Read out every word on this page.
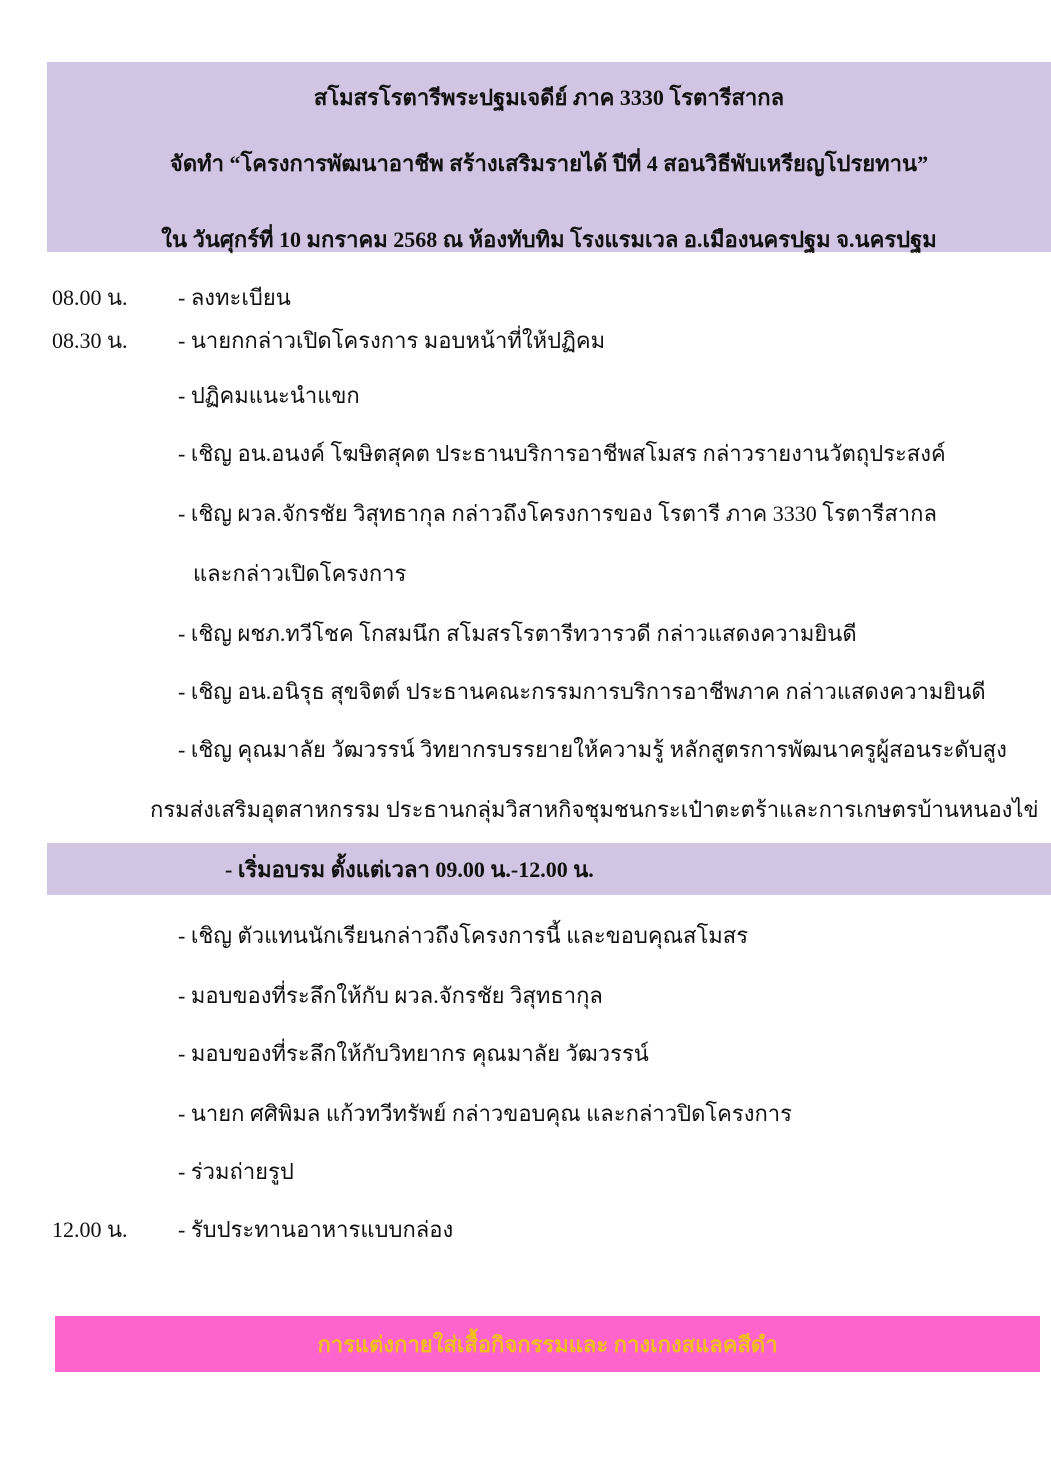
สโมสรโรตารีพระปฐมเจดีย์ ภาค 3330 โรตารีสากล
จัดทำ “โครงการพัฒนาอาชีพ สร้างเสริมรายได้ ปีที่ 4 สอนวิธีพับเหรียญโปรยทาน”
ใน วันศุกร์ที่ 10 มกราคม 2568 ณ ห้องทับทิม โรงแรมเวล อ.เมืองนครปฐม จ.นครปฐม
08.00 น. - ลงทะเบียน
08.30 น. - นายกกล่าวเปิดโครงการ มอบหน้าที่ให้ปฏิคม
- ปฏิคมแนะนำแขก
- เชิญ อน.อนงค์ โฆษิตสุคต ประธานบริการอาชีพสโมสร กล่าวรายงานวัตถุประสงค์
- เชิญ ผวล.จักรชัย วิสุทธากุล กล่าวถึงโครงการของ โรตารี ภาค 3330 โรตารีสากล
และกล่าวเปิดโครงการ
- เชิญ ผชภ.ทวีโชค โกสมนึก สโมสรโรตารีทวารวดี กล่าวแสดงความยินดี
- เชิญ อน.อนิรุธ สุขจิตต์ ประธานคณะกรรมการบริการอาชีพภาค กล่าวแสดงความยินดี
- เชิญ คุณมาลัย วัฒวรรน์ วิทยากรบรรยายให้ความรู้ หลักสูตรการพัฒนาครูผู้สอนระดับสูง
กรมส่งเสริมอุตสาหกรรม ประธานกลุ่มวิสาหกิจชุมชนกระเป๋าตะตร้าและการเกษตรบ้านหนองไข่
- เริ่มอบรม ตั้งแต่เวลา 09.00 น.-12.00 น.
- เชิญ ตัวแทนนักเรียนกล่าวถึงโครงการนี้ และขอบคุณสโมสร
- มอบของที่ระลึกให้กับ ผวล.จักรชัย วิสุทธากุล
- มอบของที่ระลึกให้กับวิทยากร คุณมาลัย วัฒวรรน์
- นายก ศศิพิมล แก้วทวีทรัพย์ กล่าวขอบคุณ และกล่าวปิดโครงการ
- ร่วมถ่ายรูป
12.00 น. - รับประทานอาหารแบบกล่อง
การแต่งกายใส่เสื้อกิจกรรมและ กางเกงสแลคสีดำ
